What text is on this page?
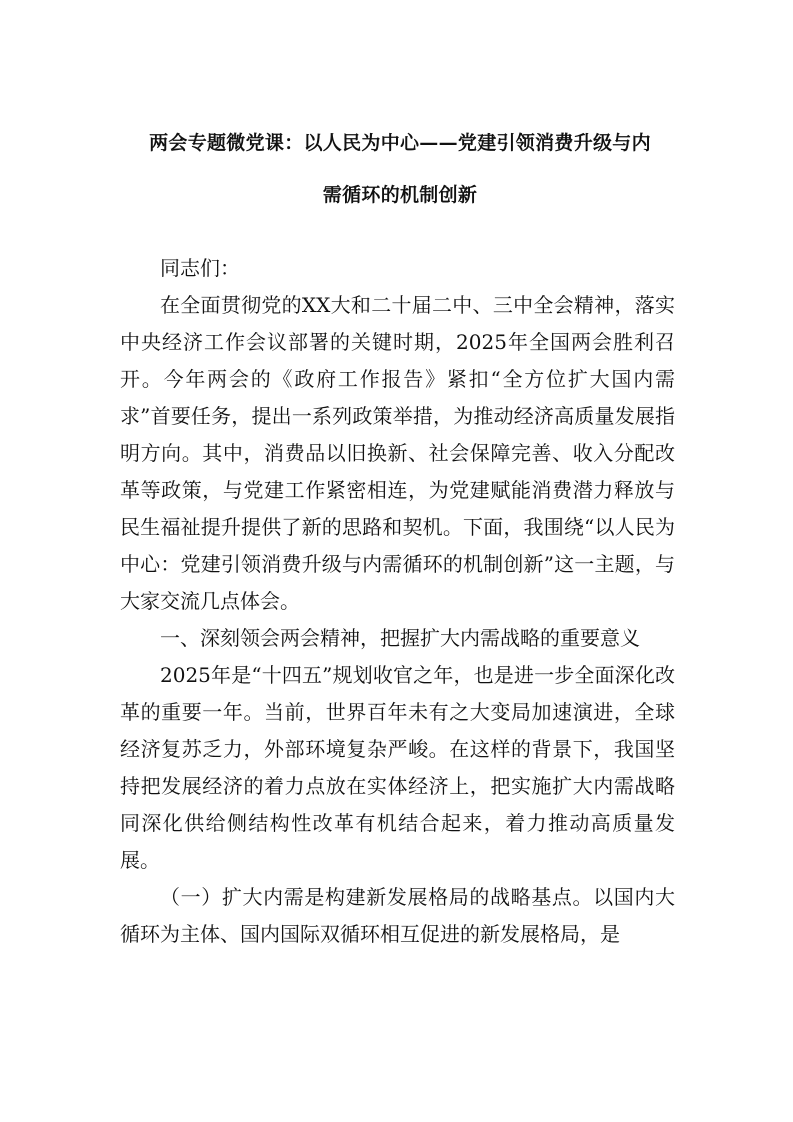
两会专题微党课：以人民为中心——党建引领消费升级与内
需循环的机制创新

同志们：

在全面贯彻党的XX大和二十届二中、三中全会精神，落实中央经济工作会议部署的关键时期，2025年全国两会胜利召开。今年两会的《政府工作报告》紧扣“全方位扩大国内需求”首要任务，提出一系列政策举措，为推动经济高质量发展指明方向。其中，消费品以旧换新、社会保障完善、收入分配改革等政策，与党建工作紧密相连，为党建赋能消费潜力释放与民生福祉提升提供了新的思路和契机。下面，我围绕“以人民为中心：党建引领消费升级与内需循环的机制创新”这一主题，与大家交流几点体会。

一、深刻领会两会精神，把握扩大内需战略的重要意义

2025年是“十四五”规划收官之年，也是进一步全面深化改革的重要一年。当前，世界百年未有之大变局加速演进，全球经济复苏乏力，外部环境复杂严峻。在这样的背景下，我国坚持把发展经济的着力点放在实体经济上，把实施扩大内需战略同深化供给侧结构性改革有机结合起来，着力推动高质量发展。

（一）扩大内需是构建新发展格局的战略基点。以国内大循环为主体、国内国际双循环相互促进的新发展格局，是
